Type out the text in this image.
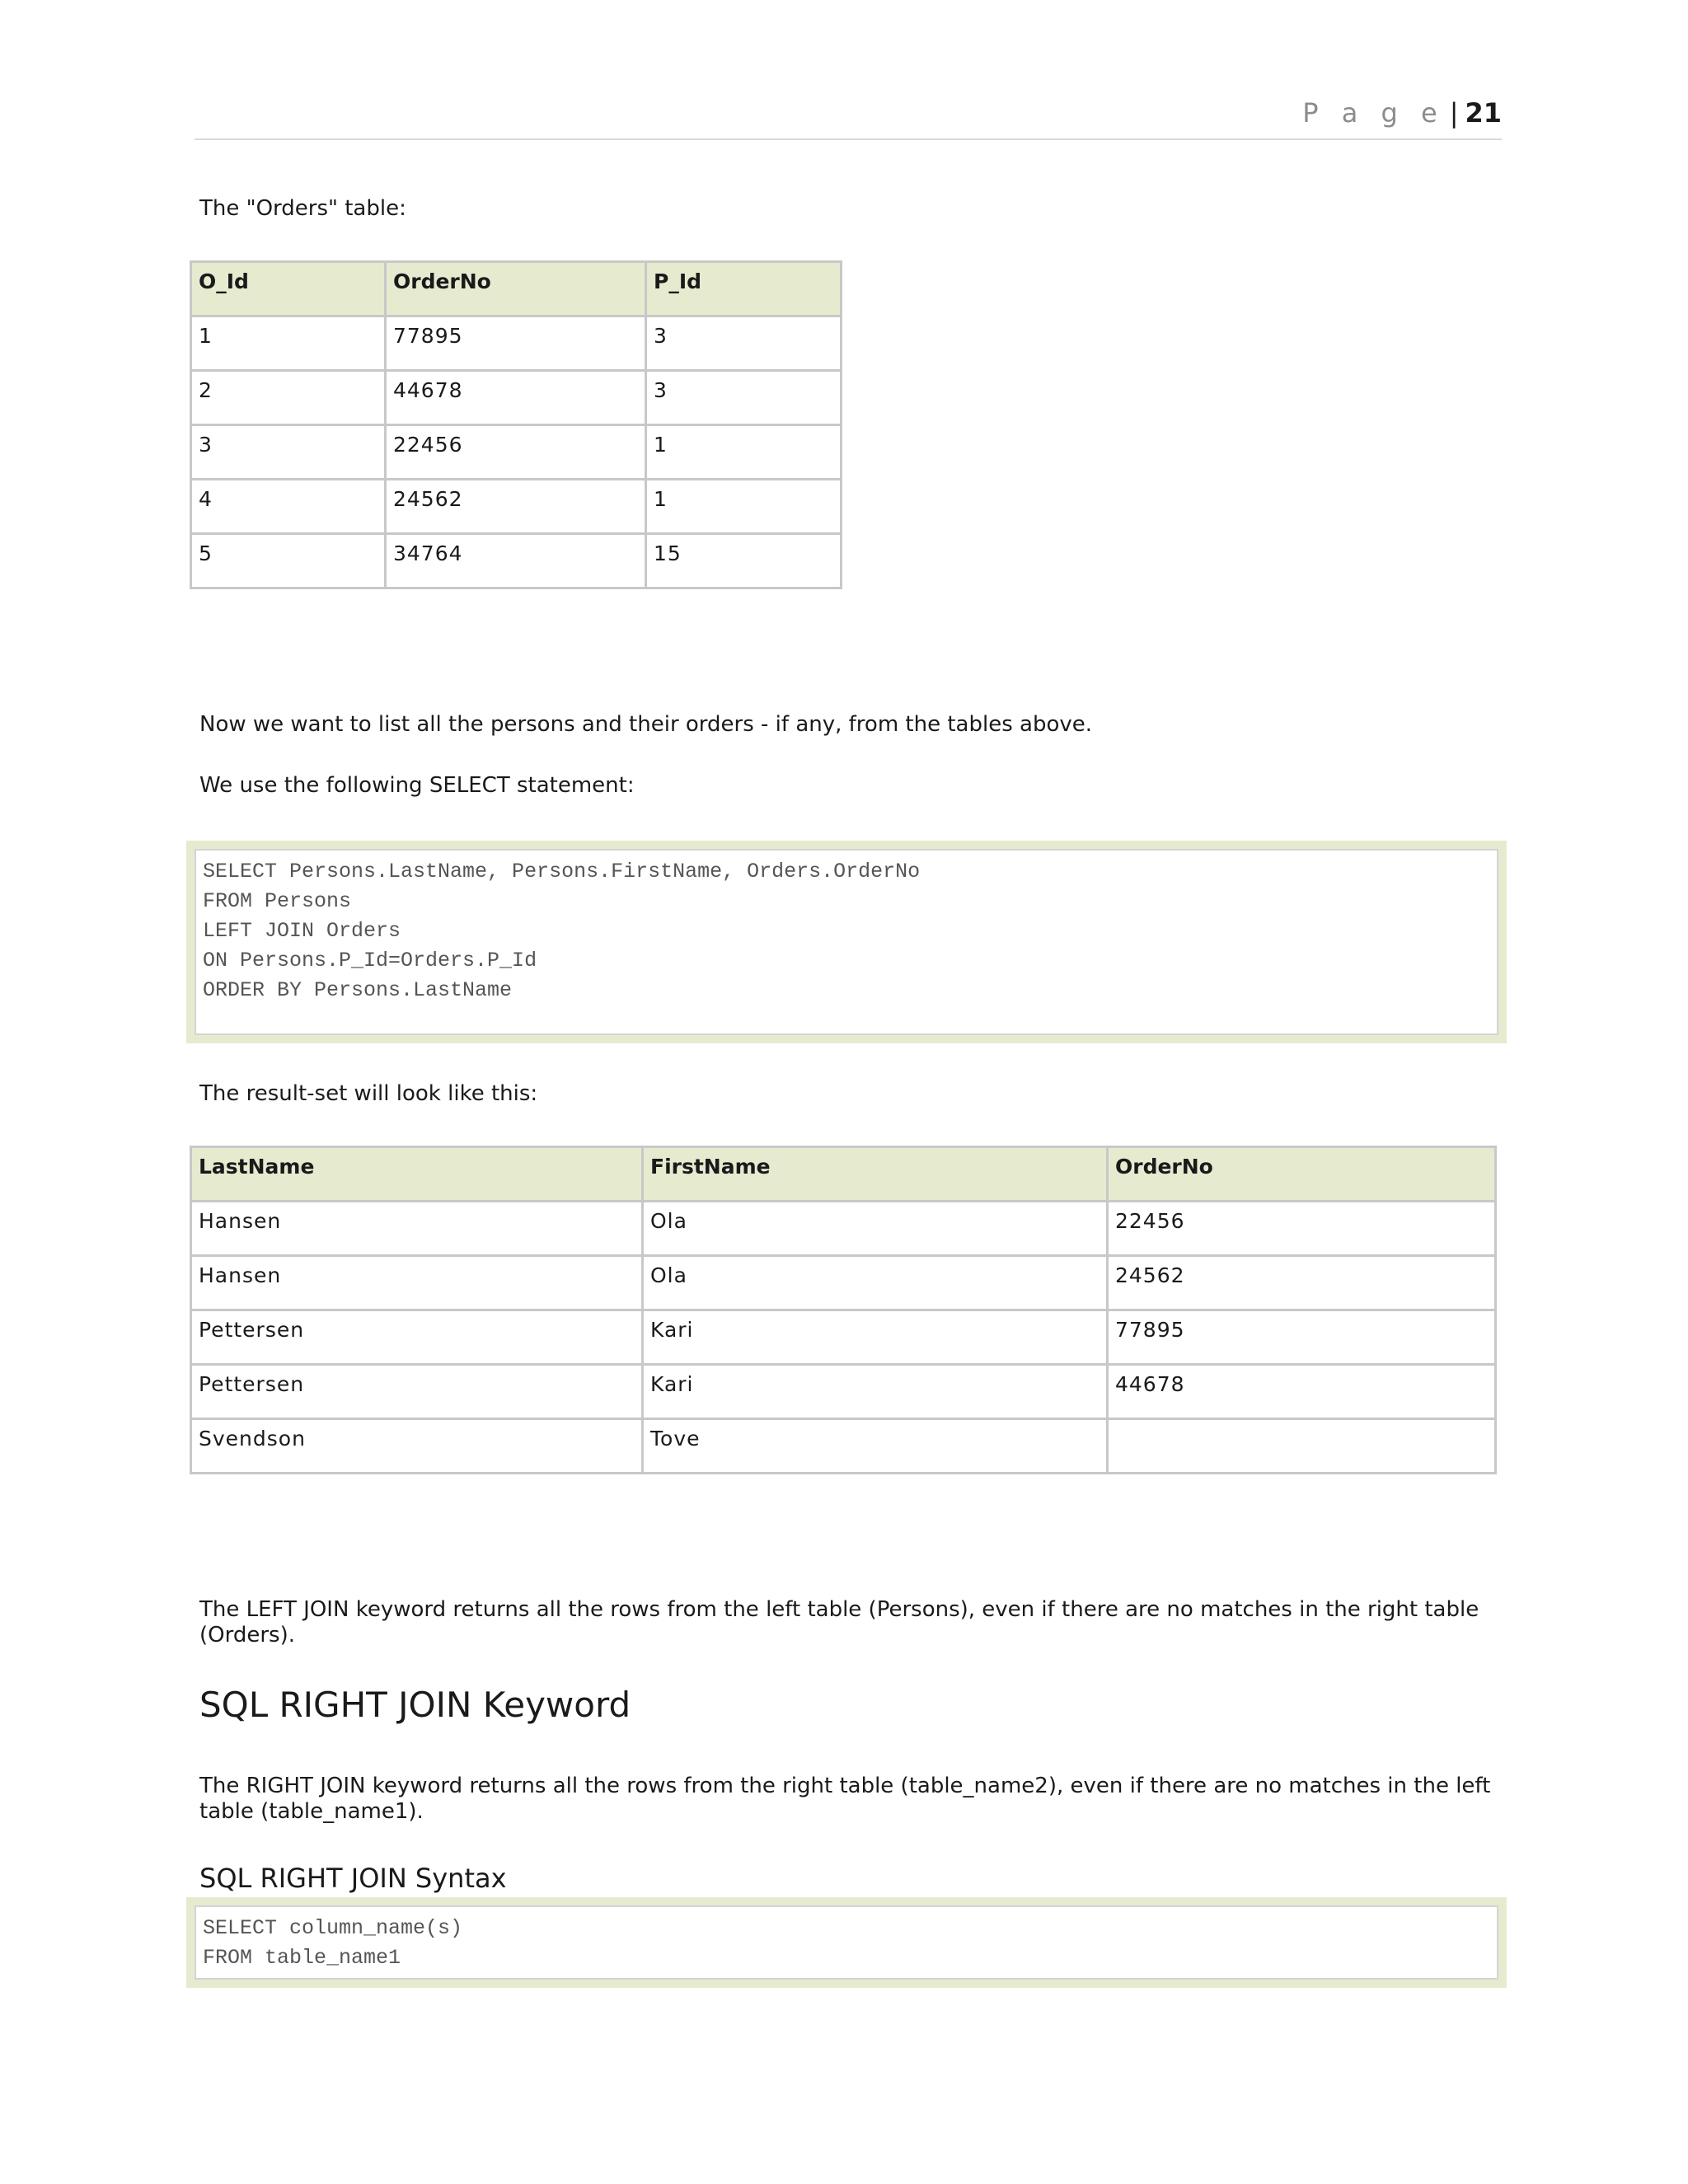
P a g e | 21
The "Orders" table:
O_Id	OrderNo	P_Id
1	77895	3
2	44678	3
3	22456	1
4	24562	1
5	34764	15
Now we want to list all the persons and their orders - if any, from the tables above.
We use the following SELECT statement:
SELECT Persons.LastName, Persons.FirstName, Orders.OrderNo
FROM Persons
LEFT JOIN Orders
ON Persons.P_Id=Orders.P_Id
ORDER BY Persons.LastName
The result-set will look like this:
LastName	FirstName	OrderNo
Hansen	Ola	22456
Hansen	Ola	24562
Pettersen	Kari	77895
Pettersen	Kari	44678
Svendson	Tove	
The LEFT JOIN keyword returns all the rows from the left table (Persons), even if there are no matches in the right table (Orders).
SQL RIGHT JOIN Keyword
The RIGHT JOIN keyword returns all the rows from the right table (table_name2), even if there are no matches in the left table (table_name1).
SQL RIGHT JOIN Syntax
SELECT column_name(s)
FROM table_name1
